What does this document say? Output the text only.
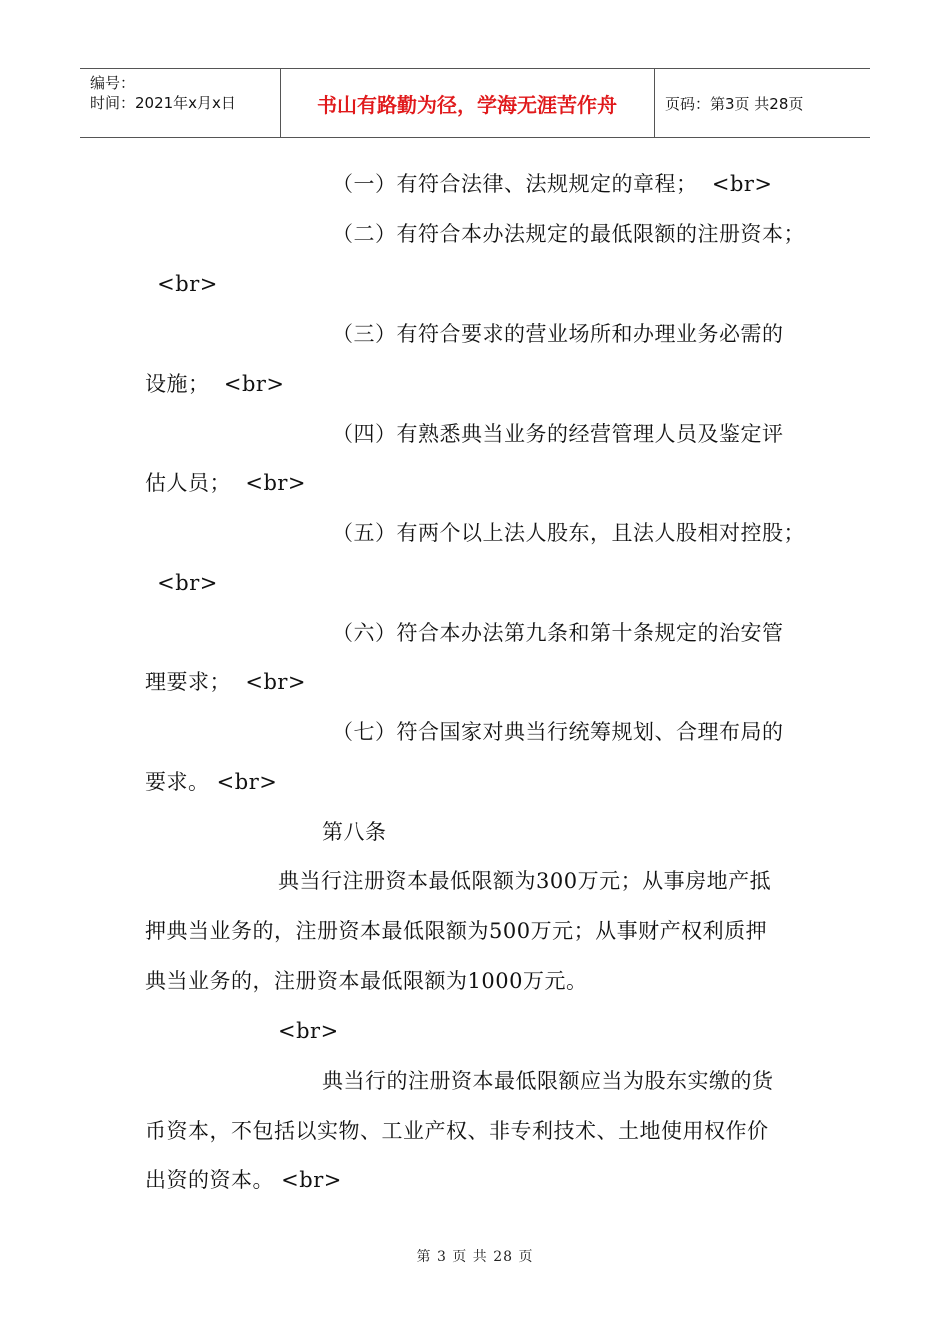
编号：
时间：2021年x月x日	书山有路勤为径，学海无涯苦作舟	页码：第3页 共28页
（一）有符合法律、法规规定的章程；  <br>
（二）有符合本办法规定的最低限额的注册资本；
<br>
（三）有符合要求的营业场所和办理业务必需的
设施；  <br>
（四）有熟悉典当业务的经营管理人员及鉴定评
估人员；  <br>
（五）有两个以上法人股东，且法人股相对控股；
<br>
（六）符合本办法第九条和第十条规定的治安管
理要求；  <br>
（七）符合国家对典当行统筹规划、合理布局的
要求。 <br>
第八条
典当行注册资本最低限额为300万元；从事房地产抵
押典当业务的，注册资本最低限额为500万元；从事财产权利质押
典当业务的，注册资本最低限额为1000万元。
<br>
典当行的注册资本最低限额应当为股东实缴的货
币资本，不包括以实物、工业产权、非专利技术、土地使用权作价
出资的资本。 <br>
第 3 页 共 28 页
